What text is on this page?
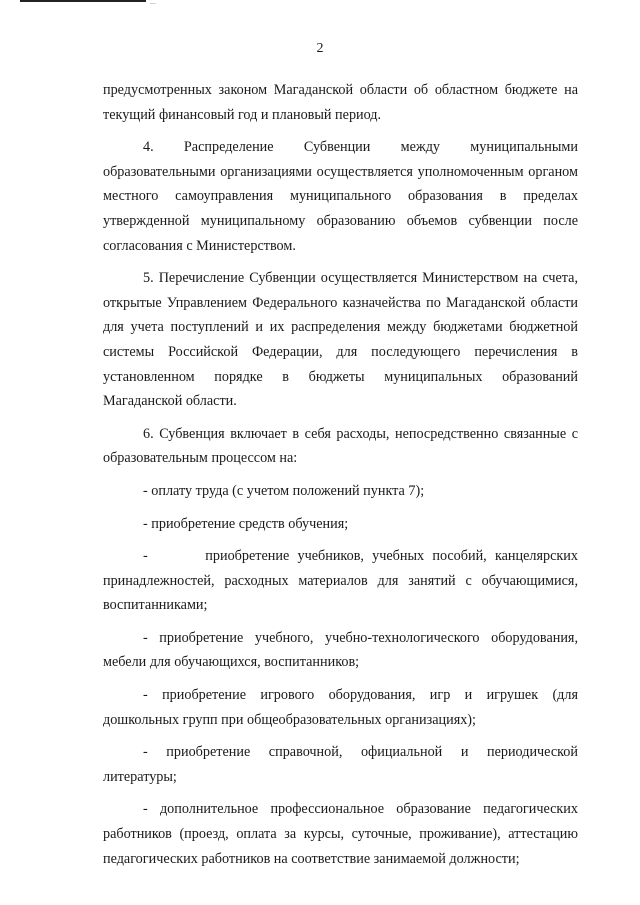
...
2

предусмотренных законом Магаданской области об областном бюджете на текущий финансовый год и плановый период.

4. Распределение Субвенции между муниципальными образовательными организациями осуществляется уполномоченным органом местного самоуправления муниципального образования в пределах утвержденной муниципальному образованию объемов субвенции после согласования с Министерством.

5. Перечисление Субвенции осуществляется Министерством на счета, открытые Управлением Федерального казначейства по Магаданской области для учета поступлений и их распределения между бюджетами бюджетной системы Российской Федерации, для последующего перечисления в установленном порядке в бюджеты муниципальных образований Магаданской области.

6. Субвенция включает в себя расходы, непосредственно связанные с образовательным процессом на:

- оплату труда (с учетом положений пункта 7);

- приобретение средств обучения;

-       приобретение учебников, учебных пособий, канцелярских принадлежностей, расходных материалов для занятий с обучающимися, воспитанниками;

- приобретение учебного, учебно-технологического оборудования, мебели для обучающихся, воспитанников;

- приобретение игрового оборудования, игр и игрушек (для дошкольных групп при общеобразовательных организациях);

- приобретение справочной, официальной и периодической литературы;

- дополнительное профессиональное образование педагогических работников (проезд, оплата за курсы, суточные, проживание), аттестацию педагогических работников на соответствие занимаемой должности;
